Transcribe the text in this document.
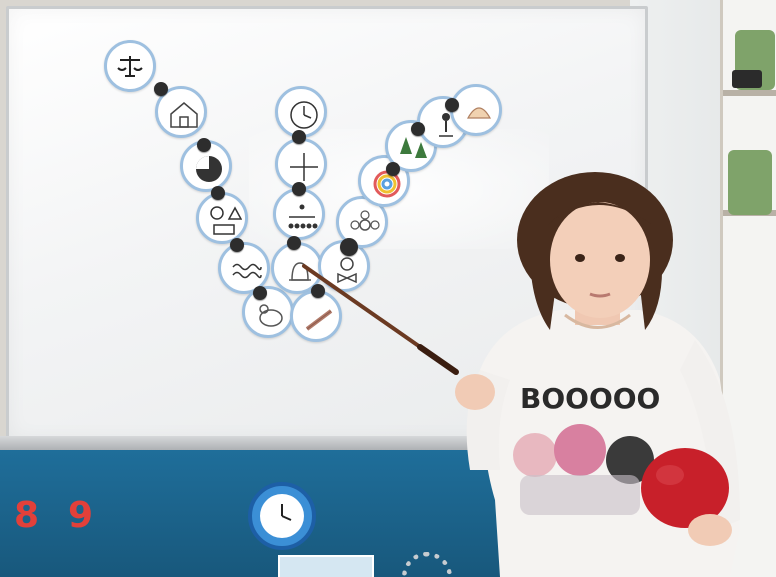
8 9
BOOOOO
